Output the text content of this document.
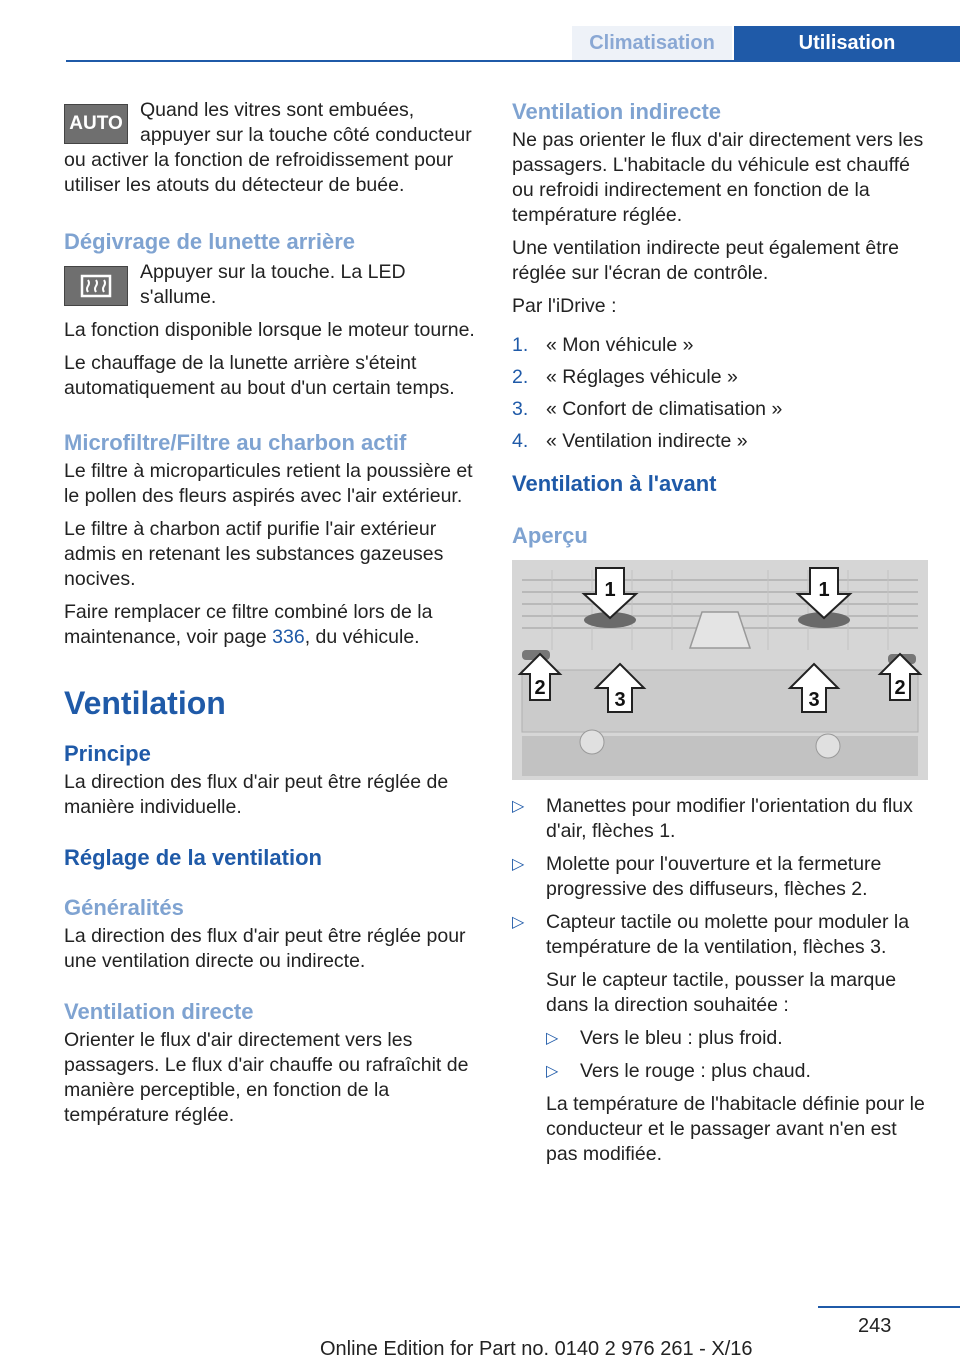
Climatisation	Utilisation
AUTO

Quand les vitres sont embuées, appuyer sur la touche côté conducteur ou activer la fonction de refroidissement pour utiliser les atouts du détecteur de buée.

Dégivrage de lunette arrière

Appuyer sur la touche. La LED s'allume.

La fonction disponible lorsque le moteur tourne.

Le chauffage de la lunette arrière s'éteint automatiquement au bout d'un certain temps.

Microfiltre/Filtre au charbon actif

Le filtre à microparticules retient la poussière et le pollen des fleurs aspirés avec l'air extérieur.

Le filtre à charbon actif purifie l'air extérieur admis en retenant les substances gazeuses nocives.

Faire remplacer ce filtre combiné lors de la maintenance, voir page 336, du véhicule.

Ventilation
Principe

La direction des flux d'air peut être réglée de manière individuelle.

Réglage de la ventilation
Généralités

La direction des flux d'air peut être réglée pour une ventilation directe ou indirecte.

Ventilation directe

Orienter le flux d'air directement vers les passagers. Le flux d'air chauffe ou rafraîchit de manière perceptible, en fonction de la température réglée.

Ventilation indirecte

Ne pas orienter le flux d'air directement vers les passagers. L'habitacle du véhicule est chauffé ou refroidi indirectement en fonction de la température réglée.

Une ventilation indirecte peut également être réglée sur l'écran de contrôle.

Par l'iDrive :

1. « Mon véhicule »
2. « Réglages véhicule »
3. « Confort de climatisation »
4. « Ventilation indirecte »
Ventilation à l'avant
Aperçu
1	1
2
3	3
2
▷ Manettes pour modifier l'orientation du flux d'air, flèches 1.
▷ Molette pour l'ouverture et la fermeture progressive des diffuseurs, flèches 2.
▷ Capteur tactile ou molette pour moduler la température de la ventilation, flèches 3.

Sur le capteur tactile, pousser la marque dans la direction souhaitée :

▷ Vers le bleu : plus froid.
▷ Vers le rouge : plus chaud.

La température de l'habitacle définie pour le conducteur et le passager avant n'en est pas modifiée.

243
Online Edition for Part no. 0140 2 976 261 - X/16
